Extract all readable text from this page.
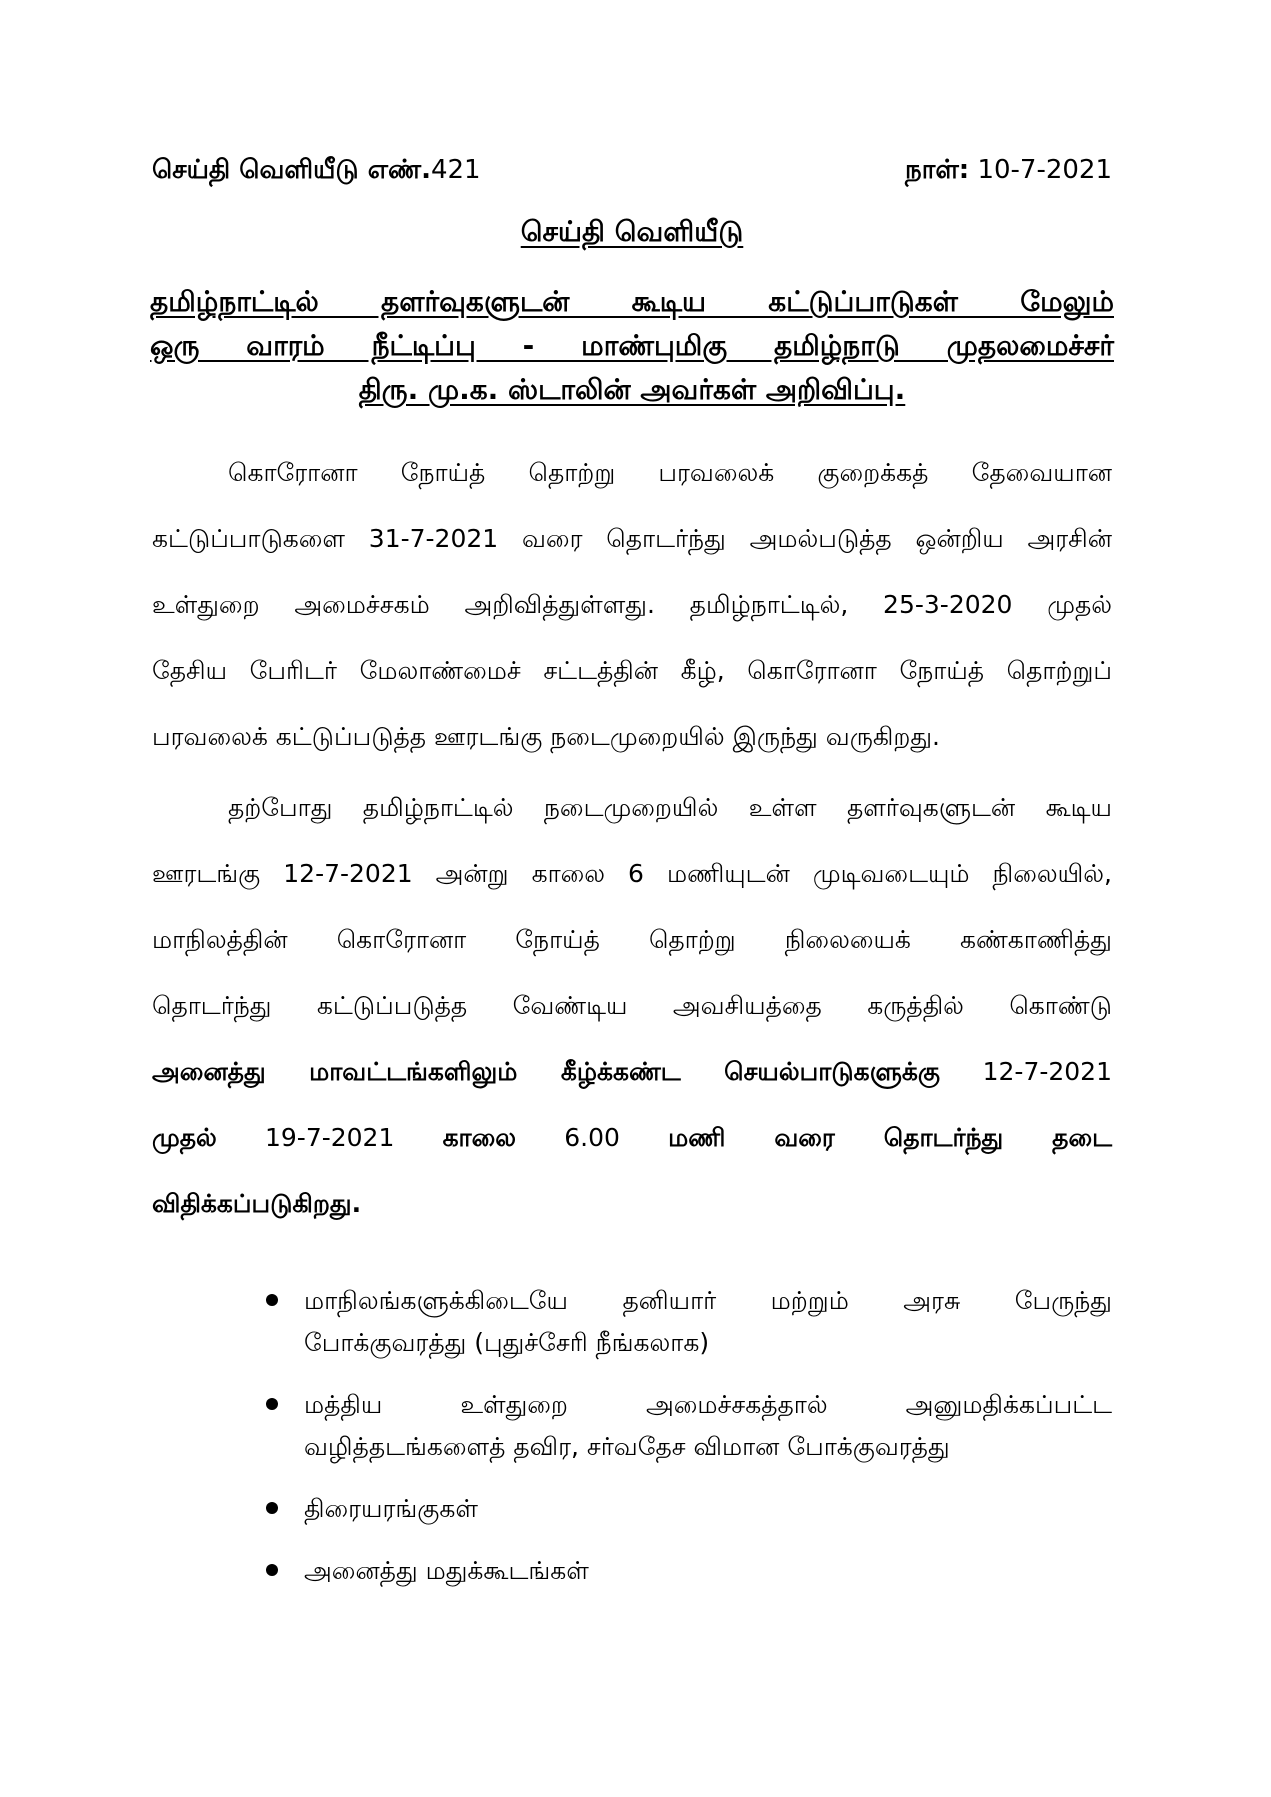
செய்தி வெளியீடு எண்.421	நாள்: 10-7-2021
செய்தி வெளியீடு
தமிழ்நாட்டில் தளர்வுகளுடன் கூடிய கட்டுப்பாடுகள் மேலும்
ஒரு வாரம் நீட்டிப்பு - மாண்புமிகு தமிழ்நாடு முதலமைச்சர்
திரு. மு.க. ஸ்டாலின் அவர்கள் அறிவிப்பு.
கொரோனா நோய்த் தொற்று பரவலைக் குறைக்கத் தேவையான
கட்டுப்பாடுகளை 31-7-2021 வரை தொடர்ந்து அமல்படுத்த ஒன்றிய அரசின்
உள்துறை அமைச்சகம் அறிவித்துள்ளது. தமிழ்நாட்டில், 25-3-2020 முதல்
தேசிய பேரிடர் மேலாண்மைச் சட்டத்தின் கீழ், கொரோனா நோய்த் தொற்றுப்
பரவலைக் கட்டுப்படுத்த ஊரடங்கு நடைமுறையில் இருந்து வருகிறது.
தற்போது தமிழ்நாட்டில் நடைமுறையில் உள்ள தளர்வுகளுடன் கூடிய
ஊரடங்கு 12-7-2021 அன்று காலை 6 மணியுடன் முடிவடையும் நிலையில்,
மாநிலத்தின் கொரோனா நோய்த் தொற்று நிலையைக் கண்காணித்து
தொடர்ந்து கட்டுப்படுத்த வேண்டிய அவசியத்தை கருத்தில் கொண்டு
அனைத்து மாவட்டங்களிலும் கீழ்க்கண்ட செயல்பாடுகளுக்கு 12-7-2021
முதல் 19-7-2021 காலை 6.00 மணி வரை தொடர்ந்து தடை
விதிக்கப்படுகிறது.
மாநிலங்களுக்கிடையே தனியார் மற்றும் அரசு பேருந்து
போக்குவரத்து (புதுச்சேரி நீங்கலாக)
மத்திய உள்துறை அமைச்சகத்தால் அனுமதிக்கப்பட்ட
வழித்தடங்களைத் தவிர, சர்வதேச விமான போக்குவரத்து
திரையரங்குகள்
அனைத்து மதுக்கூடங்கள்
